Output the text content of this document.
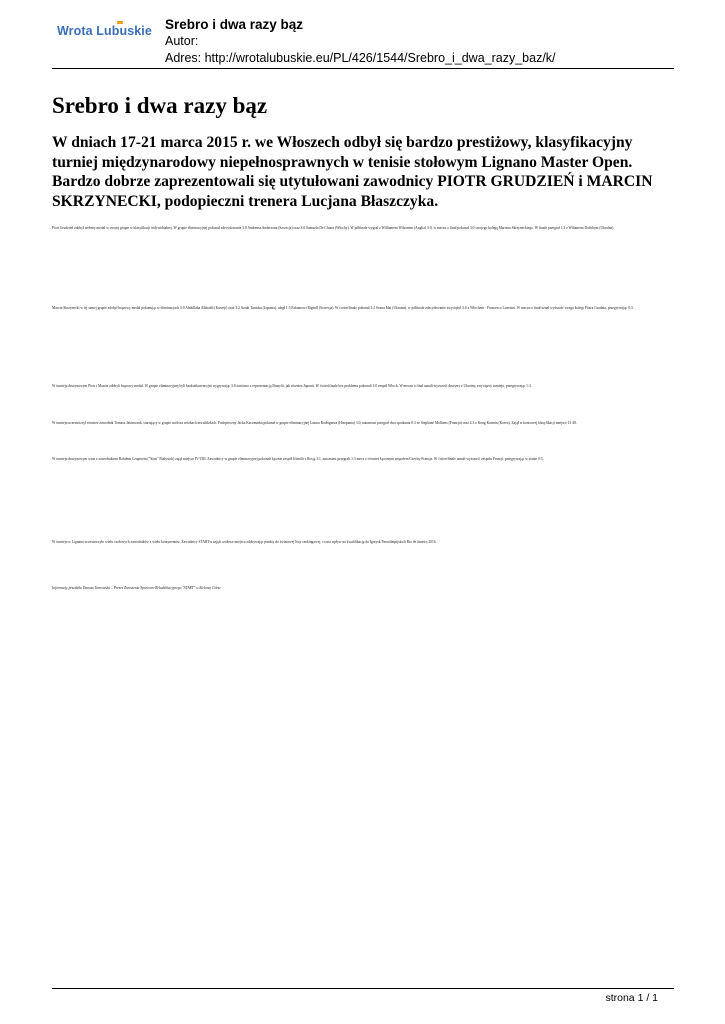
Wrota Lubuskie Srebro i dwa razy bąz
Autor:
Adres: http://wrotalubuskie.eu/PL/426/1544/Srebro_i_dwa_razy_baz/k/
Srebro i dwa razy bąz

W dniach 17-21 marca 2015 r. we Włoszech odbył się bardzo prestiżowy, klasyfikacyjny turniej międzynarodowy niepełnosprawnych w tenisie stołowym Lignano Master Open. Bardzo dobrze zaprezentowali się utytułowani zawodnicy PIOTR GRUDZIEŃ i MARCIN SKRZYNECKI, podopieczni trenera Lucjana Błaszczyka.

Piotr Grudzień zdobył srebrny medal w swojej grupie w klasyfikacji indywidualnej. W grupie eliminacyjnej pokonał zdecydowanie 3:0 Andreasa Andersona (Szwecja) oraz 3:0 Samuela De Chiara (Włochy). W półfinale wygrał z Williamem Wilsonem (Anglia) 3:0, w meczu o finał pokonał 3:0 swojego kolegę Marcina Skrzyneckiego. W finale przegrał 1:3 z Wiliamem Dobsbym (Ukraina).
Marcin Skrzynecki w tej samej grupie zdobył brązowy medal pokonując w eliminacjach 3:0 Abdullaha Alkhaldi (Kuwejt) oraz 3:2 Azuki Tanioka (Japonia), uległ 1:3 Fabianowi Rignell (Szwecja). W ćwierćfinale pokonał 3:2 Svana Mai (Ukraina), w półfinale zdecydowanie zwyciężył 3:0 z Włochem - Francesco Lonesini. W meczu o finał uznał wyższość swego kolegi Piotra Grudnia, przegrywając 0:3.
W turnieju drużynowym Piotr i Marcin zdobyli brązowy medal. W grupie eliminacyjnej byli bezkonkurencyjni wygrywając 3:0 zarówno z reprezentacją Brazylii, jak równiez Japonii. W ćwierćfinale bez problemu pokonali 3:0 zespół Włoch. W meczu o finał uznali wyższość drużyny z Ukrainy, zwycięzcy turnieju, przegrywając 1:3.
W turnieju uczestniczył równiez zawodnik Tomasz Jakimczuk, startujący w grupie osób na wózkach inwalidzkich. Podopieczny Jacka Kaczmarka pokonał w grupie eliminacyjnej Lazara Rodrigueza (Hiszpania) 3:0, natomiast przegrał dwa spotkania 0:3 ze Stephanë Molliens (Francja) oraz 2:3 z Kong Kuimin (Korea). Zajął w końcowej klasyfikacji miejsce 13-28.
W turnieju drużynowym wraz z zawodnikiem Rafałem Czuperem ("Start" Białystok) zajął miejsce IV-VIII. Zawodnicy w grupie eliminacyjnej pokonali łącznie zespół Irlandii z Rosją 3:1, natomiast przegrali 1:3 mecz z również łączonym zespołem Czechy-Francja. W ćwierćfinale uznali wyższość zespołu Francji, przegrywając w stanie 0:3.
W turnieju w Lignano uczestniczyło wielu czołowych zawodników z wielu kontynentów. Zawodnicy START-u zajęli czołowe miejsca zdobywając punkty do światowej listy rankingowej, co ma wpływ na kwalifikację do Igrzysk Paraolimpijskich Rio de Janeiro 2016.
Informację przesłała Danuta Tarnowska – Prezes Zrzeszenia Sportowo-Rehabilitacyjnego "START" w Zielonej Górze
strona 1 / 1
